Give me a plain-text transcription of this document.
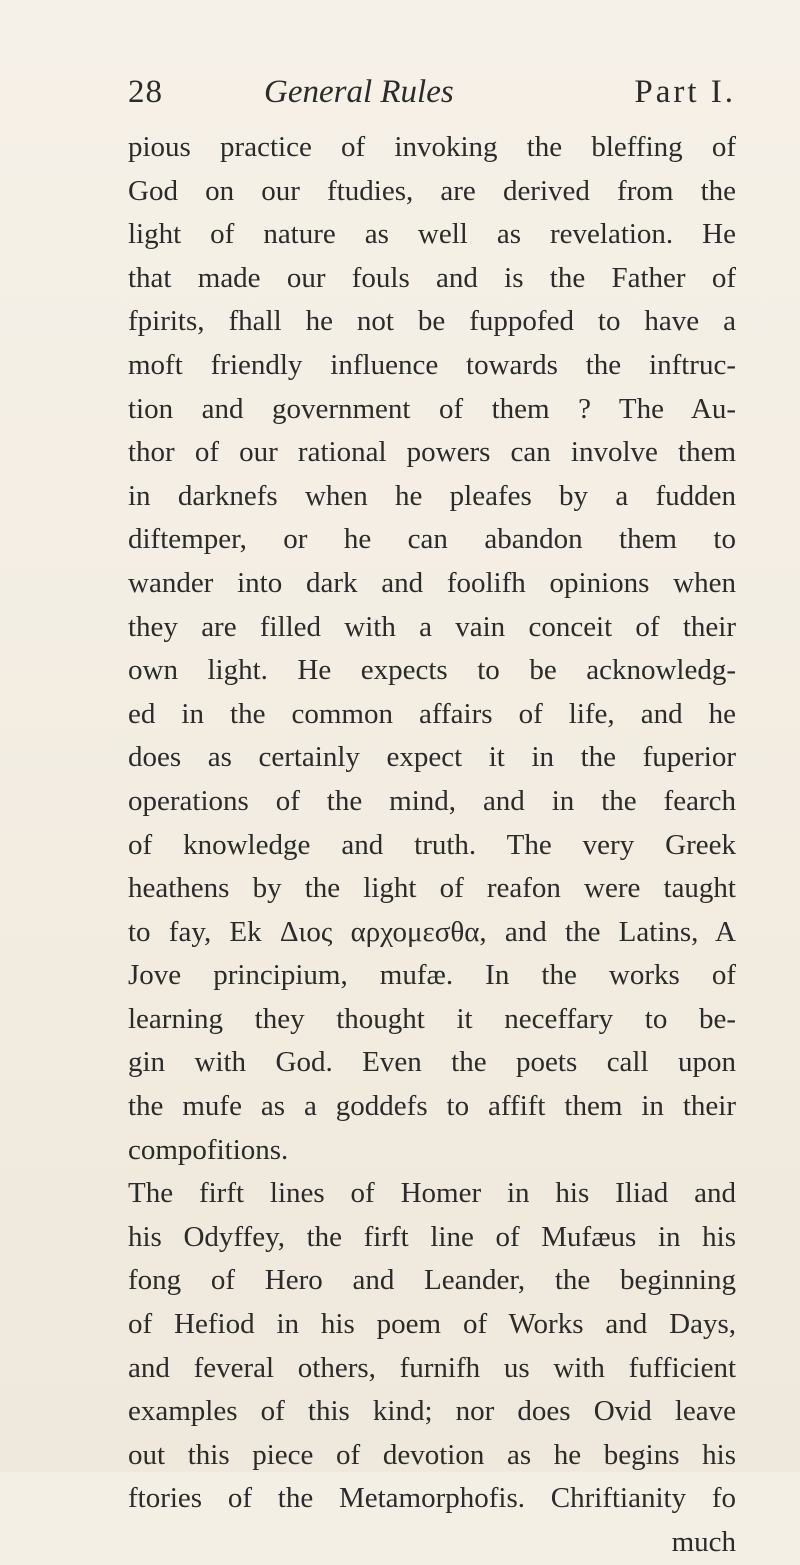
28	General Rules	Part I.
pious practice of invoking the bleffing of
God on our ftudies, are derived from the
light of nature as well as revelation. He
that made our fouls and is the Father of
fpirits, fhall he not be fuppofed to have a
moft friendly influence towards the inftruc-
tion and government of them ? The Au-
thor of our rational powers can involve them
in darknefs when he pleafes by a fudden
diftemper, or he can abandon them to
wander into dark and foolifh opinions when
they are filled with a vain conceit of their
own light. He expects to be acknowledg-
ed in the common affairs of life, and he
does as certainly expect it in the fuperior
operations of the mind, and in the fearch
of knowledge and truth. The very Greek
heathens by the light of reafon were taught
to fay, Ek Διος αρχομεσθα, and the Latins, A
Jove principium, mufæ. In the works of
learning they thought it neceffary to be-
gin with God. Even the poets call upon
the mufe as a goddefs to affift them in their
compofitions.
The firft lines of Homer in his Iliad and
his Odyffey, the firft line of Mufæus in his
fong of Hero and Leander, the beginning
of Hefiod in his poem of Works and Days,
and feveral others, furnifh us with fufficient
examples of this kind; nor does Ovid leave
out this piece of devotion as he begins his
ftories of the Metamorphofis. Chriftianity fo
much
